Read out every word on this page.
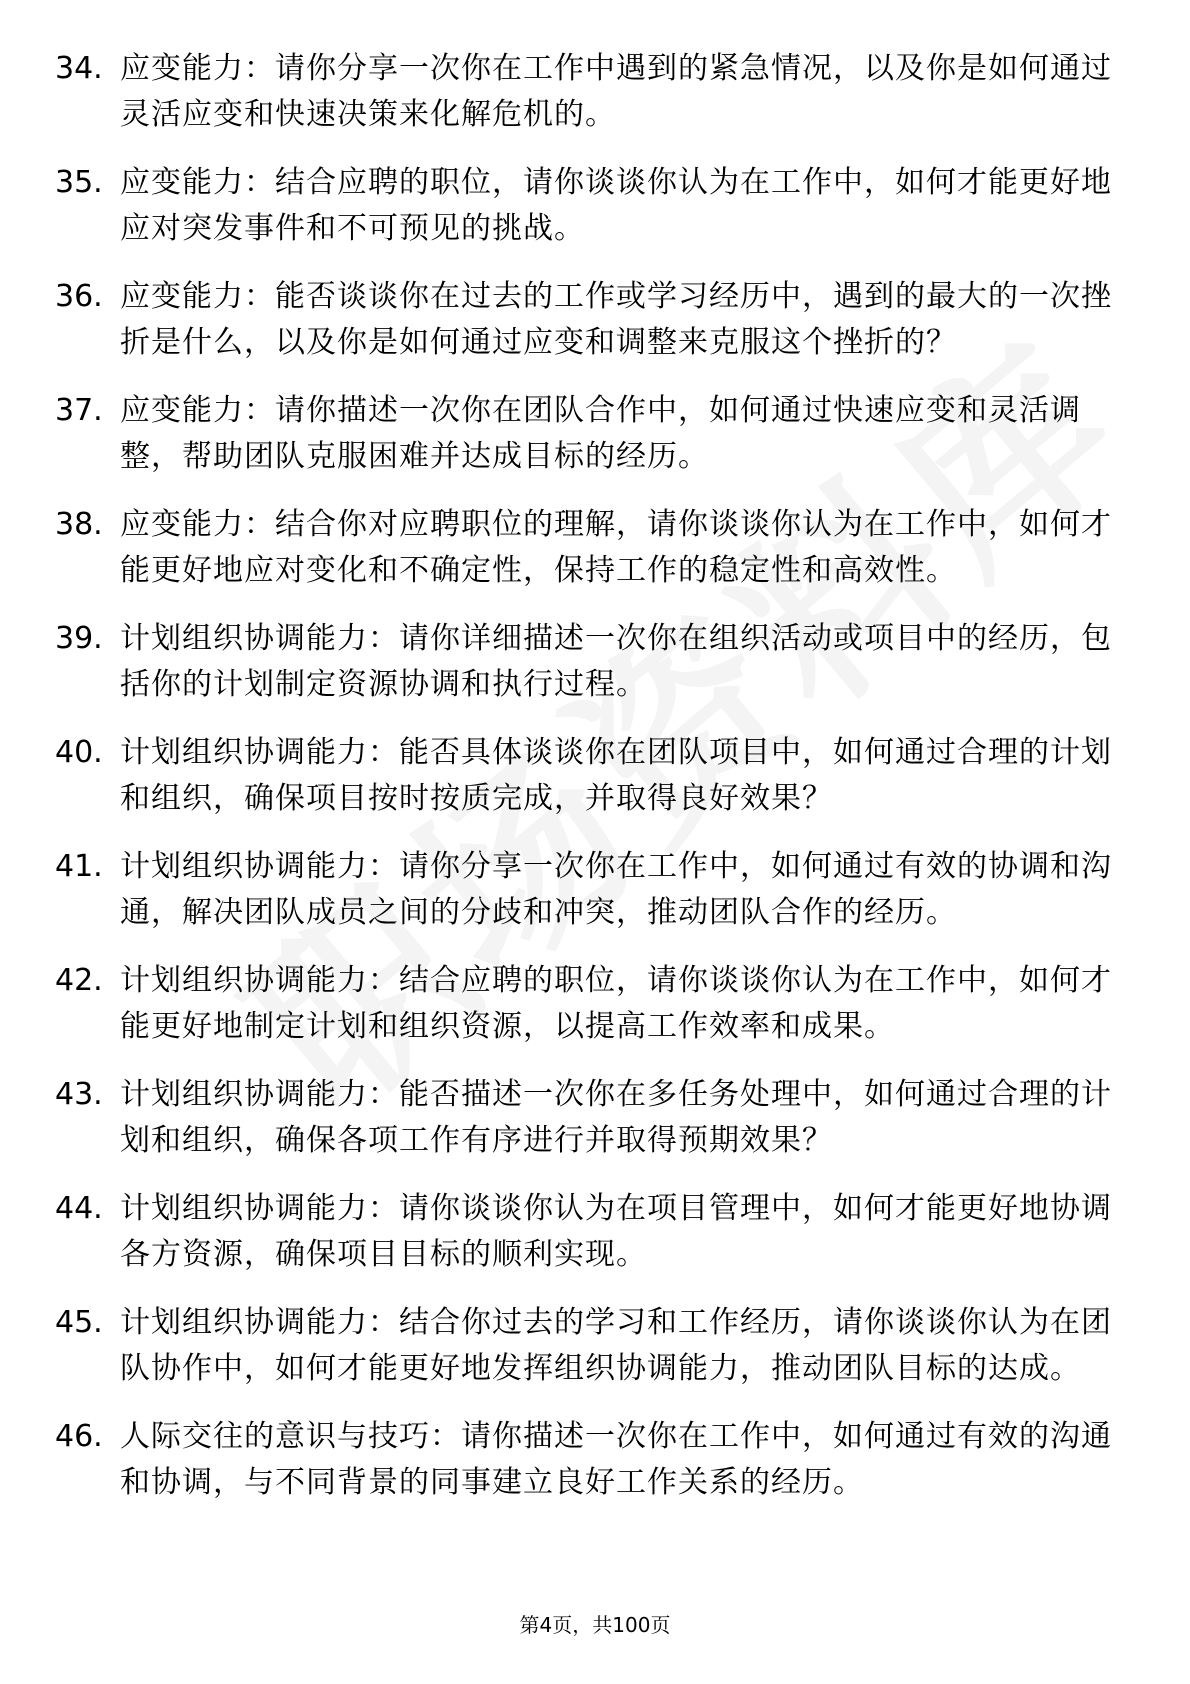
34. 应变能力：请你分享一次你在工作中遇到的紧急情况，以及你是如何通过灵活应变和快速决策来化解危机的。
35. 应变能力：结合应聘的职位，请你谈谈你认为在工作中，如何才能更好地应对突发事件和不可预见的挑战。
36. 应变能力：能否谈谈你在过去的工作或学习经历中，遇到的最大的一次挫折是什么，以及你是如何通过应变和调整来克服这个挫折的？
37. 应变能力：请你描述一次你在团队合作中，如何通过快速应变和灵活调整，帮助团队克服困难并达成目标的经历。
38. 应变能力：结合你对应聘职位的理解，请你谈谈你认为在工作中，如何才能更好地应对变化和不确定性，保持工作的稳定性和高效性。
39. 计划组织协调能力：请你详细描述一次你在组织活动或项目中的经历，包括你的计划制定资源协调和执行过程。
40. 计划组织协调能力：能否具体谈谈你在团队项目中，如何通过合理的计划和组织，确保项目按时按质完成，并取得良好效果？
41. 计划组织协调能力：请你分享一次你在工作中，如何通过有效的协调和沟通，解决团队成员之间的分歧和冲突，推动团队合作的经历。
42. 计划组织协调能力：结合应聘的职位，请你谈谈你认为在工作中，如何才能更好地制定计划和组织资源，以提高工作效率和成果。
43. 计划组织协调能力：能否描述一次你在多任务处理中，如何通过合理的计划和组织，确保各项工作有序进行并取得预期效果？
44. 计划组织协调能力：请你谈谈你认为在项目管理中，如何才能更好地协调各方资源，确保项目目标的顺利实现。
45. 计划组织协调能力：结合你过去的学习和工作经历，请你谈谈你认为在团队协作中，如何才能更好地发挥组织协调能力，推动团队目标的达成。
46. 人际交往的意识与技巧：请你描述一次你在工作中，如何通过有效的沟通和协调，与不同背景的同事建立良好工作关系的经历。
第4页，共100页
